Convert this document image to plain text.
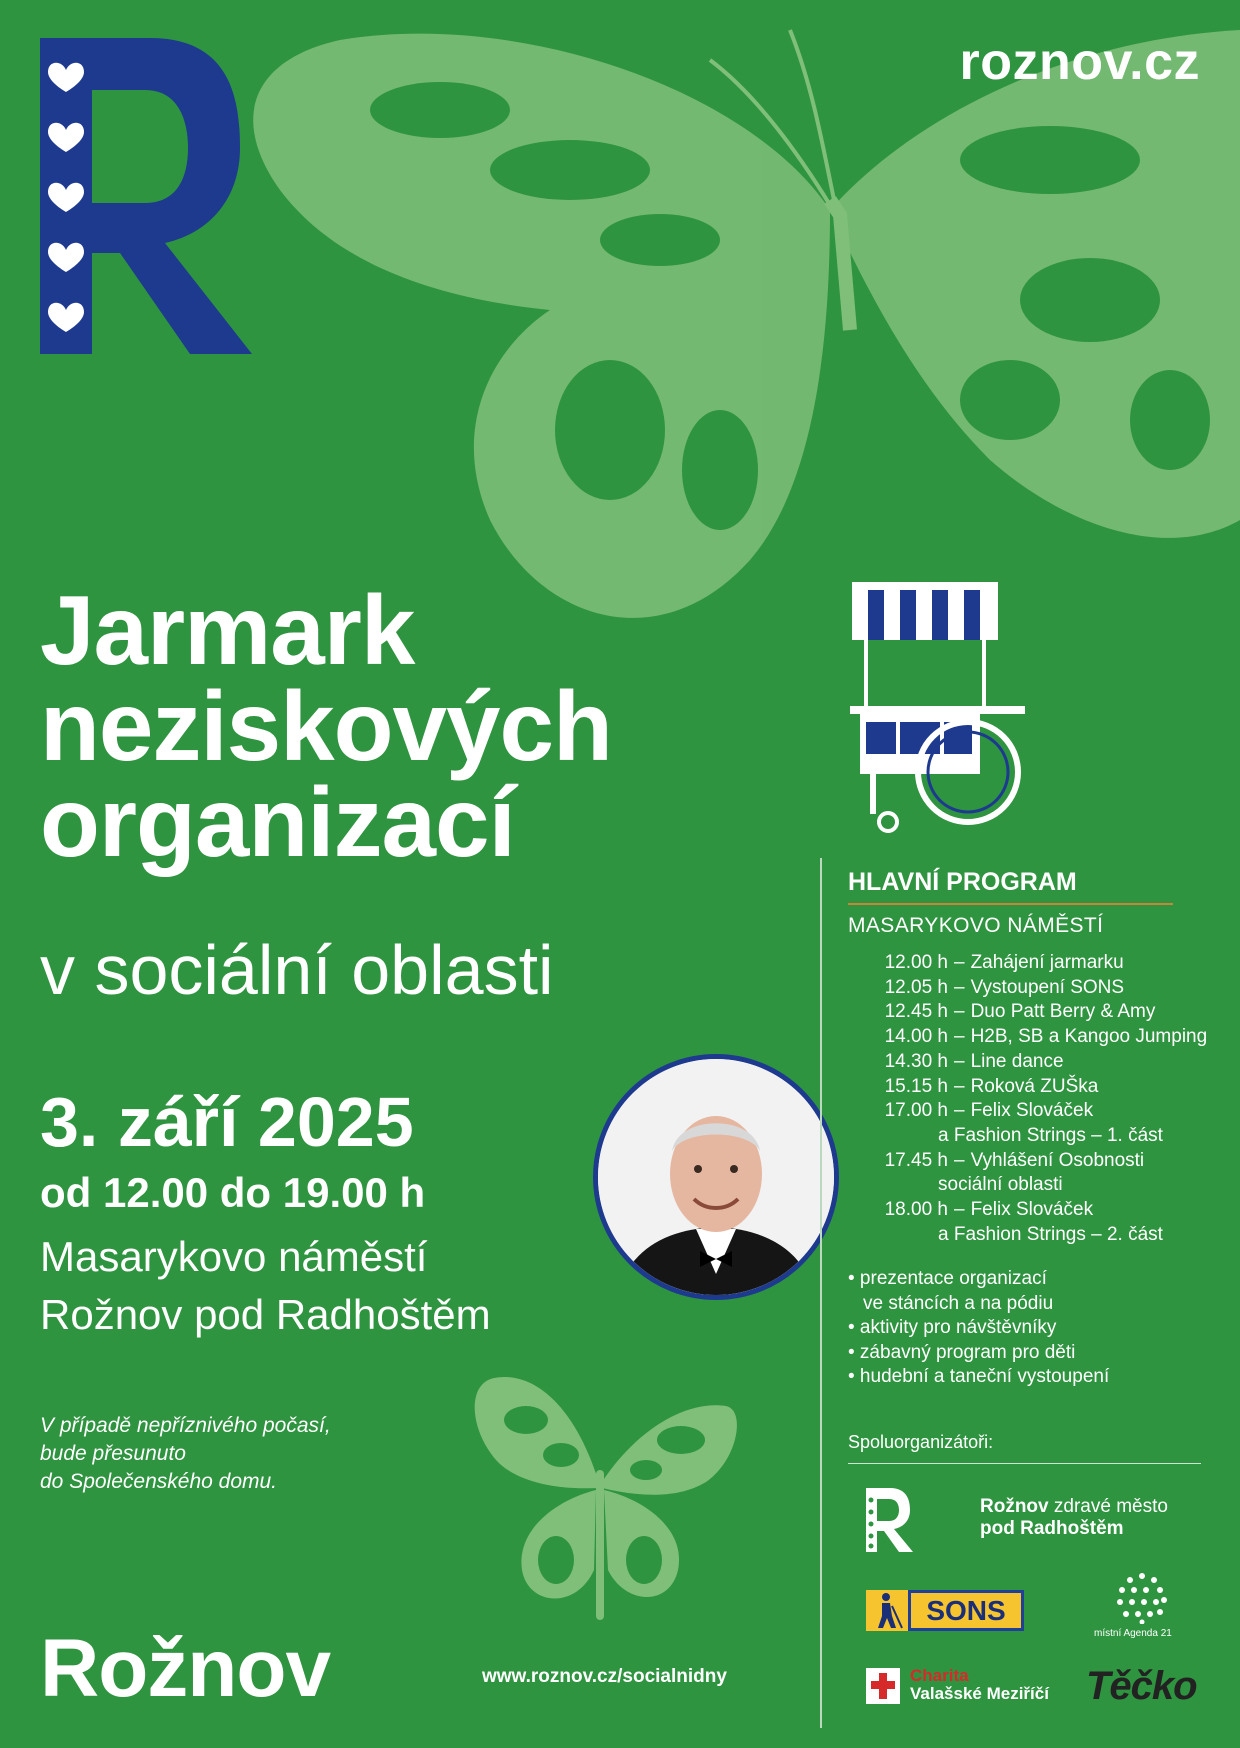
roznov.cz
Jarmark
neziskových
organizací
v sociální oblasti
3. září 2025
od 12.00 do 19.00 h
Masarykovo náměstí
Rožnov pod Radhoštěm
V případě nepříznivého počasí,
bude přesunuto
do Společenského domu.
Rožnov	www.roznov.cz/socialnidny
HLAVNÍ PROGRAM
MASARYKOVO NÁMĚSTÍ
12.00 h – Zahájení jarmarku
12.05 h – Vystoupení SONS
12.45 h – Duo Patt Berry & Amy
14.00 h – H2B, SB a Kangoo Jumping
14.30 h – Line dance
15.15 h – Roková ZUŠka
17.00 h – Felix Slováček
a Fashion Strings – 1. část
17.45 h – Vyhlášení Osobnosti
sociální oblasti
18.00 h – Felix Slováček
a Fashion Strings – 2. část
• prezentace organizací
ve stáncích a na pódiu
• aktivity pro návštěvníky
• zábavný program pro děti
• hudební a taneční vystoupení
Spoluorganizátoři:
Rožnov zdravé město
pod Radhoštěm
SONS
místní Agenda 21
Charita
Valašské Meziříčí Těčko
